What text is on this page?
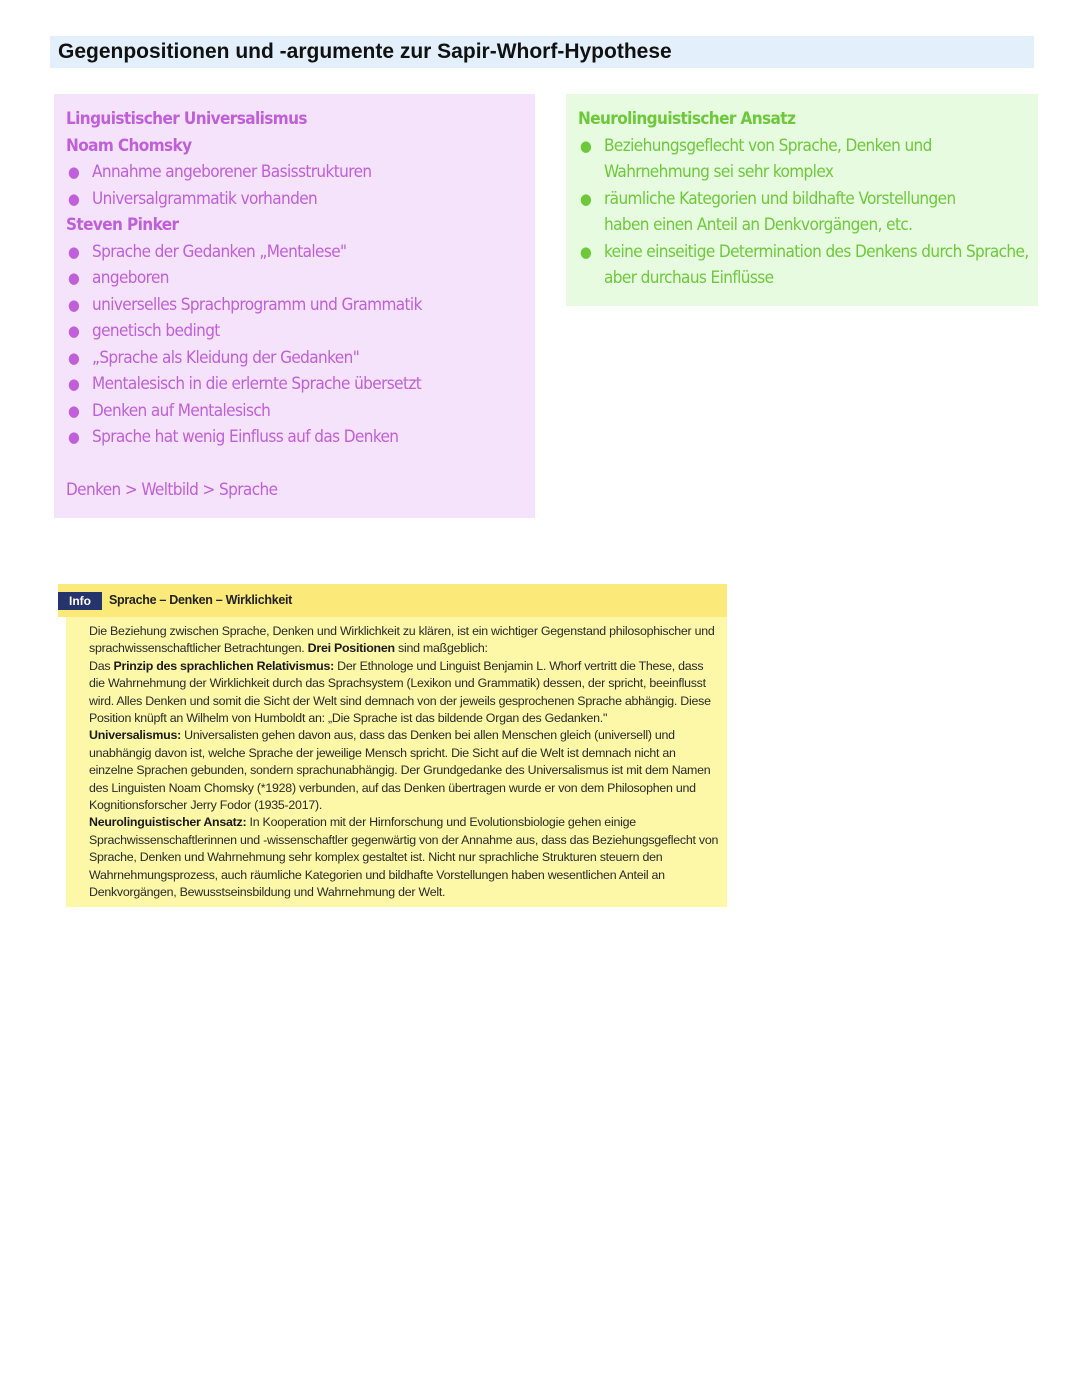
Gegenpositionen und -argumente zur Sapir-Whorf-Hypothese
Linguistischer Universalismus
Noam Chomsky
● Annahme angeborener Basisstrukturen
● Universalgrammatik vorhanden
Steven Pinker
● Sprache der Gedanken „Mentalese"
● angeboren
● universelles Sprachprogramm und Grammatik
● genetisch bedingt
● „Sprache als Kleidung der Gedanken"
● Mentalesisch in die erlernte Sprache übersetzt
● Denken auf Mentalesisch
● Sprache hat wenig Einfluss auf das Denken
Denken > Weltbild > Sprache
Neurolinguistischer Ansatz
● Beziehungsgeflecht von Sprache, Denken und Wahrnehmung sei sehr komplex
● räumliche Kategorien und bildhafte Vorstellungen haben einen Anteil an Denkvorgängen, etc.
● keine einseitige Determination des Denkens durch Sprache, aber durchaus Einflüsse
Info	Sprache – Denken – Wirklichkeit

Die Beziehung zwischen Sprache, Denken und Wirklichkeit zu klären, ist ein wichtiger Gegenstand philosophischer und sprachwissenschaftlicher Betrachtungen. Drei Positionen sind maßgeblich:

Das Prinzip des sprachlichen Relativismus: Der Ethnologe und Linguist Benjamin L. Whorf vertritt die These, dass die Wahrnehmung der Wirklichkeit durch das Sprachsystem (Lexikon und Grammatik) dessen, der spricht, beeinflusst wird. Alles Denken und somit die Sicht der Welt sind demnach von der jeweils gesprochenen Sprache abhängig. Diese Position knüpft an Wilhelm von Humboldt an: „Die Sprache ist das bildende Organ des Gedanken."

Universalismus: Universalisten gehen davon aus, dass das Denken bei allen Menschen gleich (universell) und unabhängig davon ist, welche Sprache der jeweilige Mensch spricht. Die Sicht auf die Welt ist demnach nicht an einzelne Sprachen gebunden, sondern sprachunabhängig. Der Grundgedanke des Universalismus ist mit dem Namen des Linguisten Noam Chomsky (*1928) verbunden, auf das Denken übertragen wurde er von dem Philosophen und Kognitionsforscher Jerry Fodor (1935-2017).

Neurolinguistischer Ansatz: In Kooperation mit der Hirnforschung und Evolutionsbiologie gehen einige Sprachwissenschaftlerinnen und -wissenschaftler gegenwärtig von der Annahme aus, dass das Beziehungsgeflecht von Sprache, Denken und Wahrnehmung sehr komplex gestaltet ist. Nicht nur sprachliche Strukturen steuern den Wahrnehmungsprozess, auch räumliche Kategorien und bildhafte Vorstellungen haben wesentlichen Anteil an Denkvorgängen, Bewusstseinsbildung und Wahrnehmung der Welt.
